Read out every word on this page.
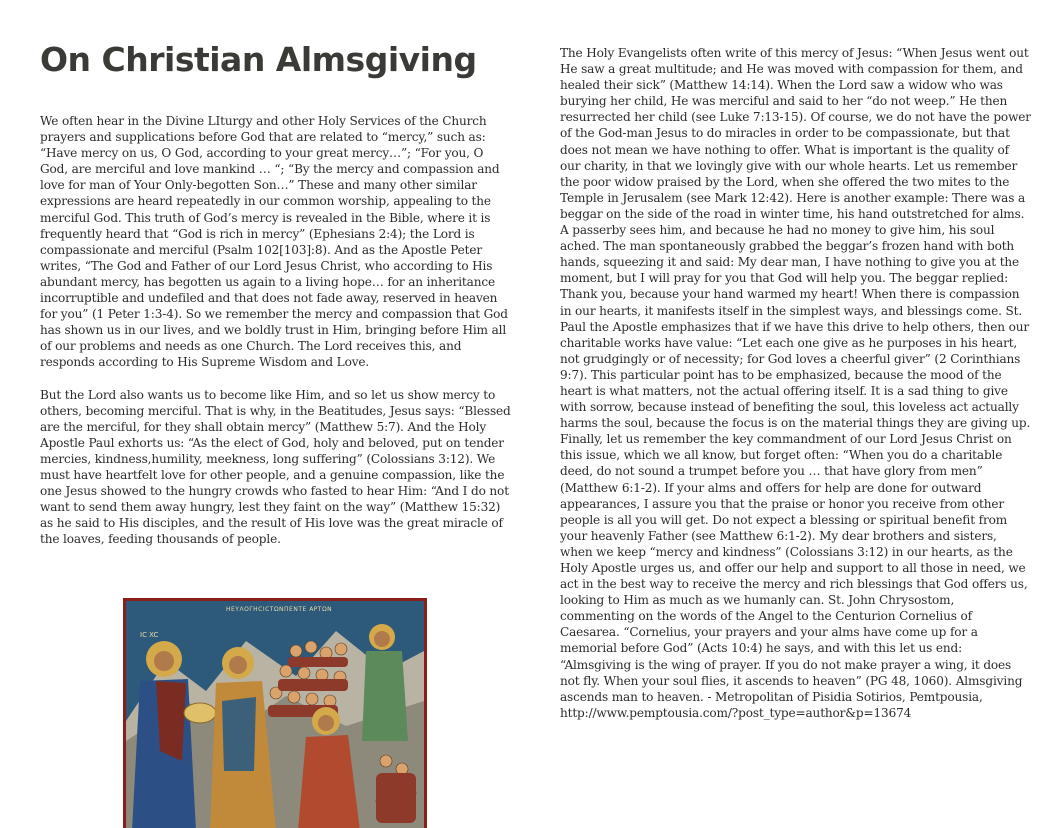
On Christian Almsgiving

We often hear in the Divine LIturgy and other Holy Services of the Church prayers and supplications before God that are related to “mercy,” such as: “Have mercy on us, O God, according to your great mercy…”; “For you, O God, are merciful and love mankind … “; “By the mercy and compassion and love for man of Your Only-begotten Son…” These and many other similar expressions are heard repeatedly in our common worship, appealing to the merciful God. This truth of God’s mercy is revealed in the Bible, where it is frequently heard that “God is rich in mercy” (Ephesians 2:4); the Lord is compassionate and merciful (Psalm 102[103]:8). And as the Apostle Peter writes, “The God and Father of our Lord Jesus Christ, who according to His abundant mercy, has begotten us again to a living hope… for an inheritance incorruptible and undefiled and that does not fade away, reserved in heaven for you” (1 Peter 1:3-4). So we remember the mercy and compassion that God has shown us in our lives, and we boldly trust in Him, bringing before Him all of our problems and needs as one Church. The Lord receives this, and responds according to His Supreme Wisdom and Love.

But the Lord also wants us to become like Him, and so let us show mercy to others, becoming merciful. That is why, in the Beatitudes, Jesus says: “Blessed are the merciful, for they shall obtain mercy” (Matthew 5:7). And the Holy Apostle Paul exhorts us: “As the elect of God, holy and beloved, put on tender mercies, kindness,humility, meekness, long suffering” (Colossians 3:12). We must have heartfelt love for other people, and a genuine compassion, like the one Jesus showed to the hungry crowds who fasted to hear Him: “And I do not want to send them away hungry, lest they faint on the way” (Matthew 15:32) as he said to His disciples, and the result of His love was the great miracle of the loaves, feeding thousands of people.

IC XC
ΗΕΥΛΟΓΗCICTΩΝΠΕΝΤΕ ΑΡΤΩΝ

The Holy Evangelists often write of this mercy of Jesus: “When Jesus went out He saw a great multitude; and He was moved with compassion for them, and healed their sick” (Matthew 14:14). When the Lord saw a widow who was burying her child, He was merciful and said to her “do not weep.” He then resurrected her child (see Luke 7:13-15). Of course, we do not have the power of the God-man Jesus to do miracles in order to be compassionate, but that does not mean we have nothing to offer. What is important is the quality of our charity, in that we lovingly give with our whole hearts. Let us remember the poor widow praised by the Lord, when she offered the two mites to the Temple in Jerusalem (see Mark 12:42). Here is another example: There was a beggar on the side of the road in winter time, his hand outstretched for alms. A passerby sees him, and because he had no money to give him, his soul ached. The man spontaneously grabbed the beggar’s frozen hand with both hands, squeezing it and said: My dear man, I have nothing to give you at the moment, but I will pray for you that God will help you. The beggar replied: Thank you, because your hand warmed my heart! When there is compassion in our hearts, it manifests itself in the simplest ways, and blessings come. St. Paul the Apostle emphasizes that if we have this drive to help others, then our charitable works have value: “Let each one give as he purposes in his heart, not grudgingly or of necessity; for God loves a cheerful giver” (2 Corinthians 9:7). This particular point has to be emphasized, because the mood of the heart is what matters, not the actual offering itself. It is a sad thing to give with sorrow, because instead of benefiting the soul, this loveless act actually harms the soul, because the focus is on the material things they are giving up. Finally, let us remember the key commandment of our Lord Jesus Christ on this issue, which we all know, but forget often: “When you do a charitable deed, do not sound a trumpet before you … that have glory from men” (Matthew 6:1-2). If your alms and offers for help are done for outward appearances, I assure you that the praise or honor you receive from other people is all you will get. Do not expect a blessing or spiritual benefit from your heavenly Father (see Matthew 6:1-2). My dear brothers and sisters, when we keep “mercy and kindness” (Colossians 3:12) in our hearts, as the Holy Apostle urges us, and offer our help and support to all those in need, we act in the best way to receive the mercy and rich blessings that God offers us, looking to Him as much as we humanly can. St. John Chrysostom, commenting on the words of the Angel to the Centurion Cornelius of Caesarea. “Cornelius, your prayers and your alms have come up for a memorial before God” (Acts 10:4) he says, and with this let us end: “Almsgiving is the wing of prayer. If you do not make prayer a wing, it does not fly. When your soul flies, it ascends to heaven” (PG 48, 1060). Almsgiving ascends man to heaven. - Metropolitan of Pisidia Sotirios, Pemtpousia, http://www.pemptousia.com/?post_type=author&p=13674
